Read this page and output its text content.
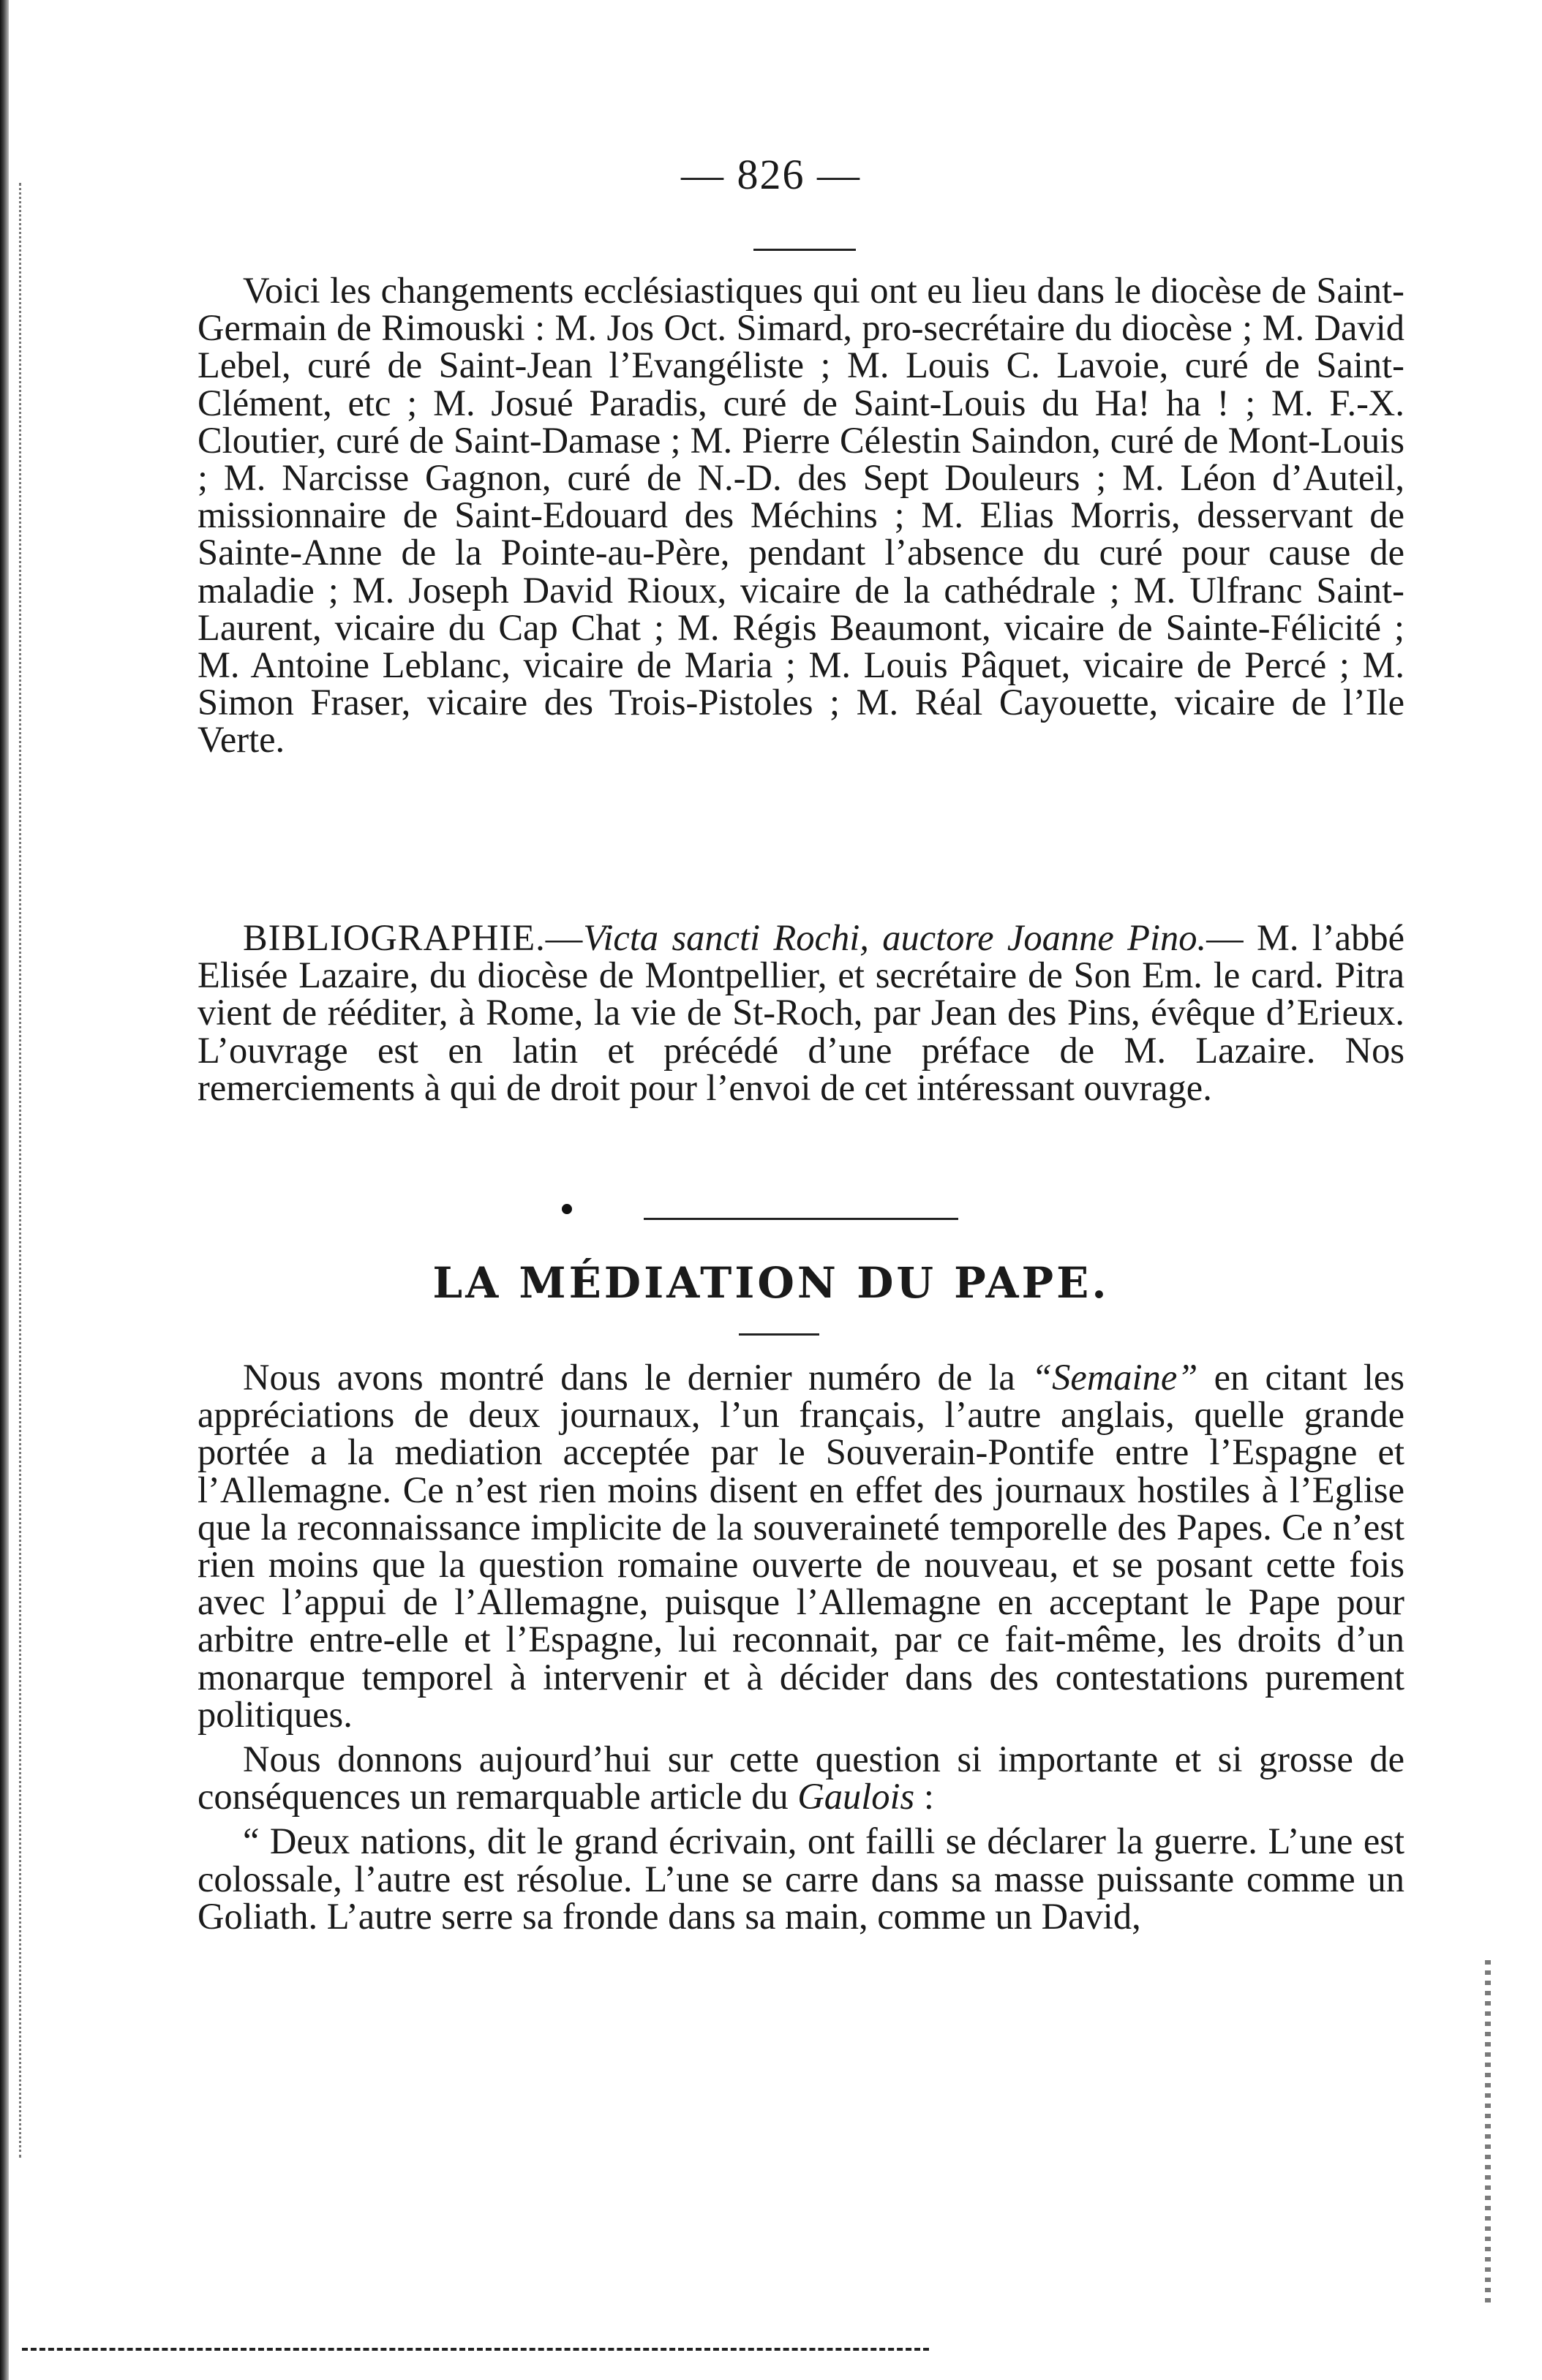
— 826 —

Voici les changements ecclésiastiques qui ont eu lieu dans le diocèse de Saint-Germain de Rimouski : M. Jos Oct. Simard, pro-secrétaire du diocèse ; M. David Lebel, curé de Saint-Jean l’Evangéliste ; M. Louis C. Lavoie, curé de Saint-Clément, etc ; M. Josué Paradis, curé de Saint-Louis du Ha! ha ! ; M. F.-X. Cloutier, curé de Saint-Damase ; M. Pierre Célestin Saindon, curé de Mont-Louis ; M. Narcisse Gagnon, curé de N.-D. des Sept Douleurs ; M. Léon d’Auteil, missionnaire de Saint-Edouard des Méchins ; M. Elias Morris, desservant de Sainte-Anne de la Pointe-au-Père, pendant l’absence du curé pour cause de maladie ; M. Joseph David Rioux, vicaire de la cathédrale ; M. Ulfranc Saint-Laurent, vicaire du Cap Chat ; M. Régis Beaumont, vicaire de Sainte-Félicité ; M. Antoine Leblanc, vicaire de Maria ; M. Louis Pâquet, vicaire de Percé ; M. Simon Fraser, vicaire des Trois-Pistoles ; M. Réal Cayouette, vicaire de l’Ile Verte.

BIBLIOGRAPHIE.—Victa sancti Rochi, auctore Joanne Pino.— M. l’abbé Elisée Lazaire, du diocèse de Montpellier, et secrétaire de Son Em. le card. Pitra vient de rééditer, à Rome, la vie de St-Roch, par Jean des Pins, évêque d’Erieux. L’ouvrage est en latin et précédé d’une préface de M. Lazaire. Nos remerciements à qui de droit pour l’envoi de cet intéressant ouvrage.

LA MÉDIATION DU PAPE.

Nous avons montré dans le dernier numéro de la “Semaine” en citant les appréciations de deux journaux, l’un français, l’autre anglais, quelle grande portée a la mediation acceptée par le Souverain-Pontife entre l’Espagne et l’Allemagne. Ce n’est rien moins disent en effet des journaux hostiles à l’Eglise que la reconnaissance implicite de la souveraineté temporelle des Papes. Ce n’est rien moins que la question romaine ouverte de nouveau, et se posant cette fois avec l’appui de l’Allemagne, puisque l’Allemagne en acceptant le Pape pour arbitre entre-elle et l’Espagne, lui reconnait, par ce fait-même, les droits d’un monarque temporel à intervenir et à décider dans des contestations purement politiques.

Nous donnons aujourd’hui sur cette question si importante et si grosse de conséquences un remarquable article du Gaulois :

“ Deux nations, dit le grand écrivain, ont failli se déclarer la guerre. L’une est colossale, l’autre est résolue. L’une se carre dans sa masse puissante comme un Goliath. L’autre serre sa fronde dans sa main, comme un David,
